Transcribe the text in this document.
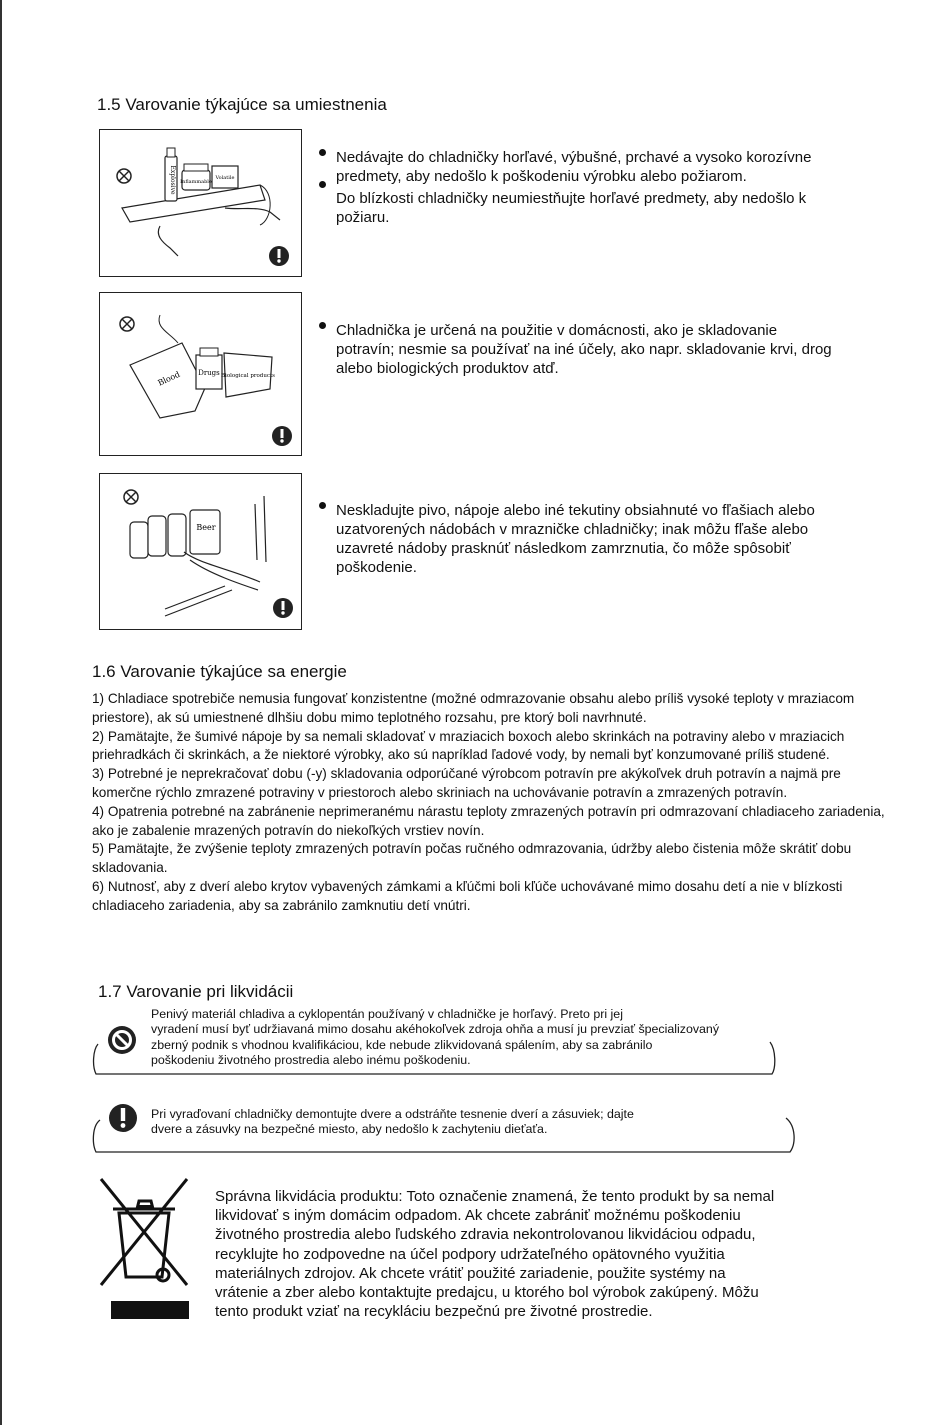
1.5 Varovanie týkajúce sa umiestnenia
Explosive Inflammable
Volatile

Nedávajte do chladničky horľavé, výbušné, prchavé a vysoko korozívne predmety, aby nedošlo k poškodeniu výrobku alebo požiarom.

Do blízkosti chladničky neumiestňujte horľavé predmety, aby nedošlo k požiaru.

Blood Drugs Biological products

Chladnička je určená na použitie v domácnosti, ako je skladovanie potravín; nesmie sa používať na iné účely, ako napr. skladovanie krvi, drog alebo biologických produktov atď.

Beer

Neskladujte pivo, nápoje alebo iné tekutiny obsiahnuté vo fľašiach alebo uzatvorených nádobách v mrazničke chladničky; inak môžu fľaše alebo uzavreté nádoby prasknúť následkom zamrznutia, čo môže spôsobiť poškodenie.

1.6 Varovanie týkajúce sa energie

1) Chladiace spotrebiče nemusia fungovať konzistentne (možné odmrazovanie obsahu alebo príliš vysoké teploty v mraziacom priestore), ak sú umiestnené dlhšiu dobu mimo teplotného rozsahu, pre ktorý boli navrhnuté.

2) Pamätajte, že šumivé nápoje by sa nemali skladovať v mraziacich boxoch alebo skrinkách na potraviny alebo v mraziacich priehradkách či skrinkách, a že niektoré výrobky, ako sú napríklad ľadové vody, by nemali byť konzumované príliš studené.

3) Potrebné je neprekračovať dobu (-y) skladovania odporúčané výrobcom potravín pre akýkoľvek druh potravín a najmä pre komerčne rýchlo zmrazené potraviny v priestoroch alebo skriniach na uchovávanie potravín a zmrazených potravín.

4) Opatrenia potrebné na zabránenie neprimeranému nárastu teploty zmrazených potravín pri odmrazovaní chladiaceho zariadenia, ako je zabalenie mrazených potravín do niekoľkých vrstiev novín.

5) Pamätajte, že zvýšenie teploty zmrazených potravín počas ručného odmrazovania, údržby alebo čistenia môže skrátiť dobu skladovania.

6) Nutnosť, aby z dverí alebo krytov vybavených zámkami a kľúčmi boli kľúče uchovávané mimo dosahu detí a nie v blízkosti chladiaceho zariadenia, aby sa zabránilo zamknutiu detí vnútri.

1.7 Varovanie pri likvidácii

Penivý materiál chladiva a cyklopentán používaný v chladničke je horľavý. Preto pri jej

vyradení musí byť udržiavaná mimo dosahu akéhokoľvek zdroja ohňa a musí ju prevziať špecializovaný

zberný podnik s vhodnou kvalifikáciou, kde nebude zlikvidovaná spálením, aby sa zabránilo

poškodeniu životného prostredia alebo inému poškodeniu.

Pri vyraďovaní chladničky demontujte dvere a odstráňte tesnenie dverí a zásuviek; dajte

dvere a zásuvky na bezpečné miesto, aby nedošlo k zachyteniu dieťaťa.

Správna likvidácia produktu: Toto označenie znamená, že tento produkt by sa nemal
likvidovať s iným domácim odpadom. Ak chcete zabrániť možnému poškodeniu
životného prostredia alebo ľudského zdravia nekontrolovanou likvidáciou odpadu,
recyklujte ho zodpovedne na účel podpory udržateľného opätovného využitia
materiálnych zdrojov. Ak chcete vrátiť použité zariadenie, použite systémy na
vrátenie a zber alebo kontaktujte predajcu, u ktorého bol výrobok zakúpený. Môžu
tento produkt vziať na recykláciu bezpečnú pre životné prostredie.
